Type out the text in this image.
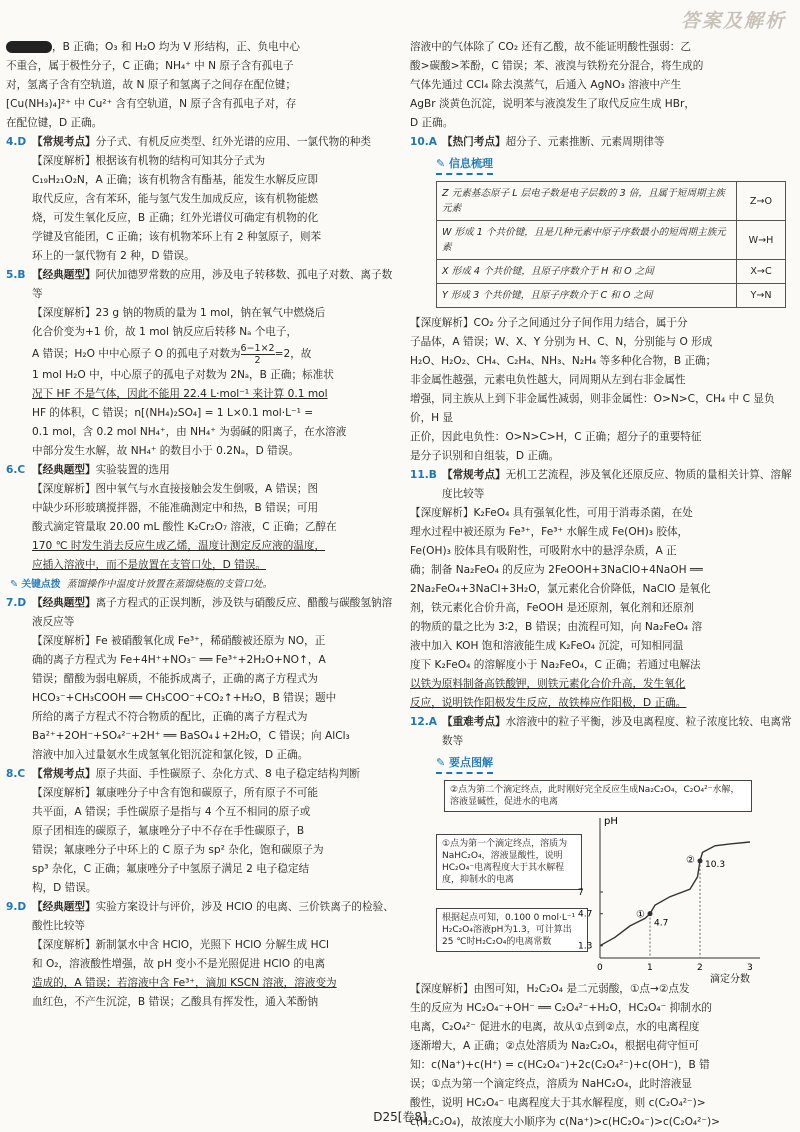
答案及解析

，B 正确；O₃ 和 H₂O 均为 V 形结构，正、负电中心

不重合，属于极性分子，C 正确；NH₄⁺ 中 N 原子含有孤电子

对，氢离子含有空轨道，故 N 原子和氢离子之间存在配位键；

[Cu(NH₃)₄]²⁺ 中 Cu²⁺ 含有空轨道，N 原子含有孤电子对，存

在配位键，D 正确。

4.D 【常规考点】分子式、有机反应类型、红外光谱的应用、一氯代物的种类

【深度解析】根据该有机物的结构可知其分子式为

C₁₉H₂₁O₂N，A 正确；该有机物含有酯基，能发生水解反应即

取代反应，含有苯环，能与氢气发生加成反应，该有机物能燃

烧，可发生氧化反应，B 正确；红外光谱仪可确定有机物的化

学键及官能团，C 正确；该有机物苯环上有 2 种氢原子，则苯

环上的一氯代物有 2 种，D 错误。

5.B 【经典题型】阿伏加德罗常数的应用，涉及电子转移数、孤电子对数、离子数等

【深度解析】23 g 钠的物质的量为 1 mol，钠在氧气中燃烧后

化合价变为+1 价，故 1 mol 钠反应后转移 Nₐ 个电子，

A 错误；H₂O 中中心原子 O 的孤电子对数为 $\frac{6-1\times 2}{2} =2$，故

1 mol H₂O 中，中心原子的孤电子对数为 2Nₐ，B 正确；标准状

况下 HF 不是气体，因此不能用 22.4 L·mol⁻¹ 来计算 0.1 mol

HF 的体积，C 错误；n[(NH₄)₂SO₄] = 1 L×0.1 mol·L⁻¹ =

0.1 mol，含 0.2 mol NH₄⁺，由 NH₄⁺ 为弱碱的阳离子，在水溶液

中部分发生水解，故 NH₄⁺ 的数目小于 0.2Nₐ，D 错误。

6.C 【经典题型】实验装置的选用

【深度解析】图中氧气与水直接接触会发生倒吸，A 错误；图

中缺少环形玻璃搅拌器，不能准确测定中和热，B 错误；可用

酸式滴定管量取 20.00 mL 酸性 K₂Cr₂O₇ 溶液，C 正确；乙醇在

170 ℃ 时发生消去反应生成乙烯，温度计测定反应液的温度，

应插入溶液中，而不是放置在支管口处，D 错误。

✎ 关键点拨 蒸馏操作中温度计放置在蒸馏烧瓶的支管口处。

7.D 【经典题型】离子方程式的正误判断，涉及铁与硝酸反应、醋酸与碳酸氢钠溶液反应等

【深度解析】Fe 被硝酸氧化成 Fe³⁺，稀硝酸被还原为 NO，正

确的离子方程式为 Fe+4H⁺+NO₃⁻ ══ Fe³⁺+2H₂O+NO↑，A

错误；醋酸为弱电解质，不能拆成离子，正确的离子方程式为

HCO₃⁻+CH₃COOH ══ CH₃COO⁻+CO₂↑+H₂O，B 错误；题中

所给的离子方程式不符合物质的配比，正确的离子方程式为

Ba²⁺+2OH⁻+SO₄²⁻+2H⁺ ══ BaSO₄↓+2H₂O，C 错误；向 AlCl₃

溶液中加入过量氨水生成氢氧化铝沉淀和氯化铵，D 正确。

8.C 【常规考点】原子共面、手性碳原子、杂化方式、8 电子稳定结构判断

【深度解析】氟康唑分子中含有饱和碳原子，所有原子不可能

共平面，A 错误；手性碳原子是指与 4 个互不相同的原子或

原子团相连的碳原子，氟康唑分子中不存在手性碳原子，B

错误；氟康唑分子中环上的 C 原子为 sp² 杂化，饱和碳原子为

sp³ 杂化，C 正确；氟康唑分子中氢原子满足 2 电子稳定结

构，D 错误。

9.D 【经典题型】实验方案设计与评价，涉及 HClO 的电离、三价铁离子的检验、酸性比较等

【深度解析】新制氯水中含 HClO，光照下 HClO 分解生成 HCl

和 O₂，溶液酸性增强，故 pH 变小不是光照促进 HClO 的电离

造成的，A 错误；若溶液中含 Fe³⁺，滴加 KSCN 溶液，溶液变为

血红色，不产生沉淀，B 错误；乙酸具有挥发性，通入苯酚钠

溶液中的气体除了 CO₂ 还有乙酸，故不能证明酸性强弱：乙

酸>碳酸>苯酚，C 错误；苯、液溴与铁粉充分混合，将生成的

气体先通过 CCl₄ 除去溴蒸气，后通入 AgNO₃ 溶液中产生

AgBr 淡黄色沉淀，说明苯与液溴发生了取代反应生成 HBr，

D 正确。

10.A 【热门考点】超分子、元素推断、元素周期律等
✎ 信息梳理
Z 元素基态原子 L 层电子数是电子层数的 3 倍，且属于短周期主族元素	Z→O
W 形成 1 个共价键，且是几种元素中原子序数最小的短周期主族元素	W→H
X 形成 4 个共价键，且原子序数介于 H 和 O 之间	X→C
Y 形成 3 个共价键，且原子序数介于 C 和 O 之间	Y→N

【深度解析】CO₂ 分子之间通过分子间作用力结合，属于分

子晶体，A 错误；W、X、Y 分别为 H、C、N，分别能与 O 形成

H₂O、H₂O₂、CH₄、C₂H₄、NH₃、N₂H₄ 等多种化合物，B 正确；

非金属性越强，元素电负性越大，同周期从左到右非金属性

增强，同主族从上到下非金属性减弱，则非金属性：O>N>C，CH₄ 中 C 显负价，H 显

正价，因此电负性：O>N>C>H，C 正确；超分子的重要特征

是分子识别和自组装，D 正确。

11.B 【常规考点】无机工艺流程，涉及氧化还原反应、物质的量相关计算、溶解度比较等

【深度解析】K₂FeO₄ 具有强氧化性，可用于消毒杀菌，在处

理水过程中被还原为 Fe³⁺，Fe³⁺ 水解生成 Fe(OH)₃ 胶体，

Fe(OH)₃ 胶体具有吸附性，可吸附水中的悬浮杂质，A 正

确；制备 Na₂FeO₄ 的反应为 2FeOOH+3NaClO+4NaOH ══

2Na₂FeO₄+3NaCl+3H₂O，氯元素化合价降低，NaClO 是氧化

剂，铁元素化合价升高，FeOOH 是还原剂，氧化剂和还原剂

的物质的量之比为 3∶2，B 错误；由流程可知，向 Na₂FeO₄ 溶

液中加入 KOH 饱和溶液能生成 K₂FeO₄ 沉淀，可知相同温

度下 K₂FeO₄ 的溶解度小于 Na₂FeO₄，C 正确；若通过电解法

以铁为原料制备高铁酸钾，则铁元素化合价升高，发生氧化

反应，说明铁作阳极发生反应，故铁棒应作阳极，D 正确。

12.A 【重难考点】水溶液中的粒子平衡，涉及电离程度、粒子浓度比较、电离常数等
✎ 要点图解
②点为第二个滴定终点，此时刚好完全反应生成Na₂C₂O₄，C₂O₄²⁻水解，溶液显碱性，促进水的电离
①点为第一个滴定终点，溶质为NaHC₂O₄，溶液显酸性，说明HC₂O₄⁻电离程度大于其水解程度，抑制水的电离
根据起点可知，0.100 0 mol·L⁻¹ H₂C₂O₄溶液pH为1.3，可计算出25 ℃时H₂C₂O₄的电离常数
pH
滴定分数
0	1	2	3
7
4.7
1.3
①
4.7
② 10.3

【深度解析】由图可知，H₂C₂O₄ 是二元弱酸，①点→②点发

生的反应为 HC₂O₄⁻+OH⁻ ══ C₂O₄²⁻+H₂O，HC₂O₄⁻ 抑制水的

电离，C₂O₄²⁻ 促进水的电离，故从①点到②点，水的电离程度

逐渐增大，A 正确；②点处溶质为 Na₂C₂O₄，根据电荷守恒可

知：c(Na⁺)+c(H⁺) = c(HC₂O₄⁻)+2c(C₂O₄²⁻)+c(OH⁻)，B 错

误；①点为第一个滴定终点，溶质为 NaHC₂O₄，此时溶液显

酸性，说明 HC₂O₄⁻ 电离程度大于其水解程度，则 c(C₂O₄²⁻)>

c(H₂C₂O₄)，故浓度大小顺序为 c(Na⁺)>c(HC₂O₄⁻)>c(C₂O₄²⁻)>

D25[卷8]
